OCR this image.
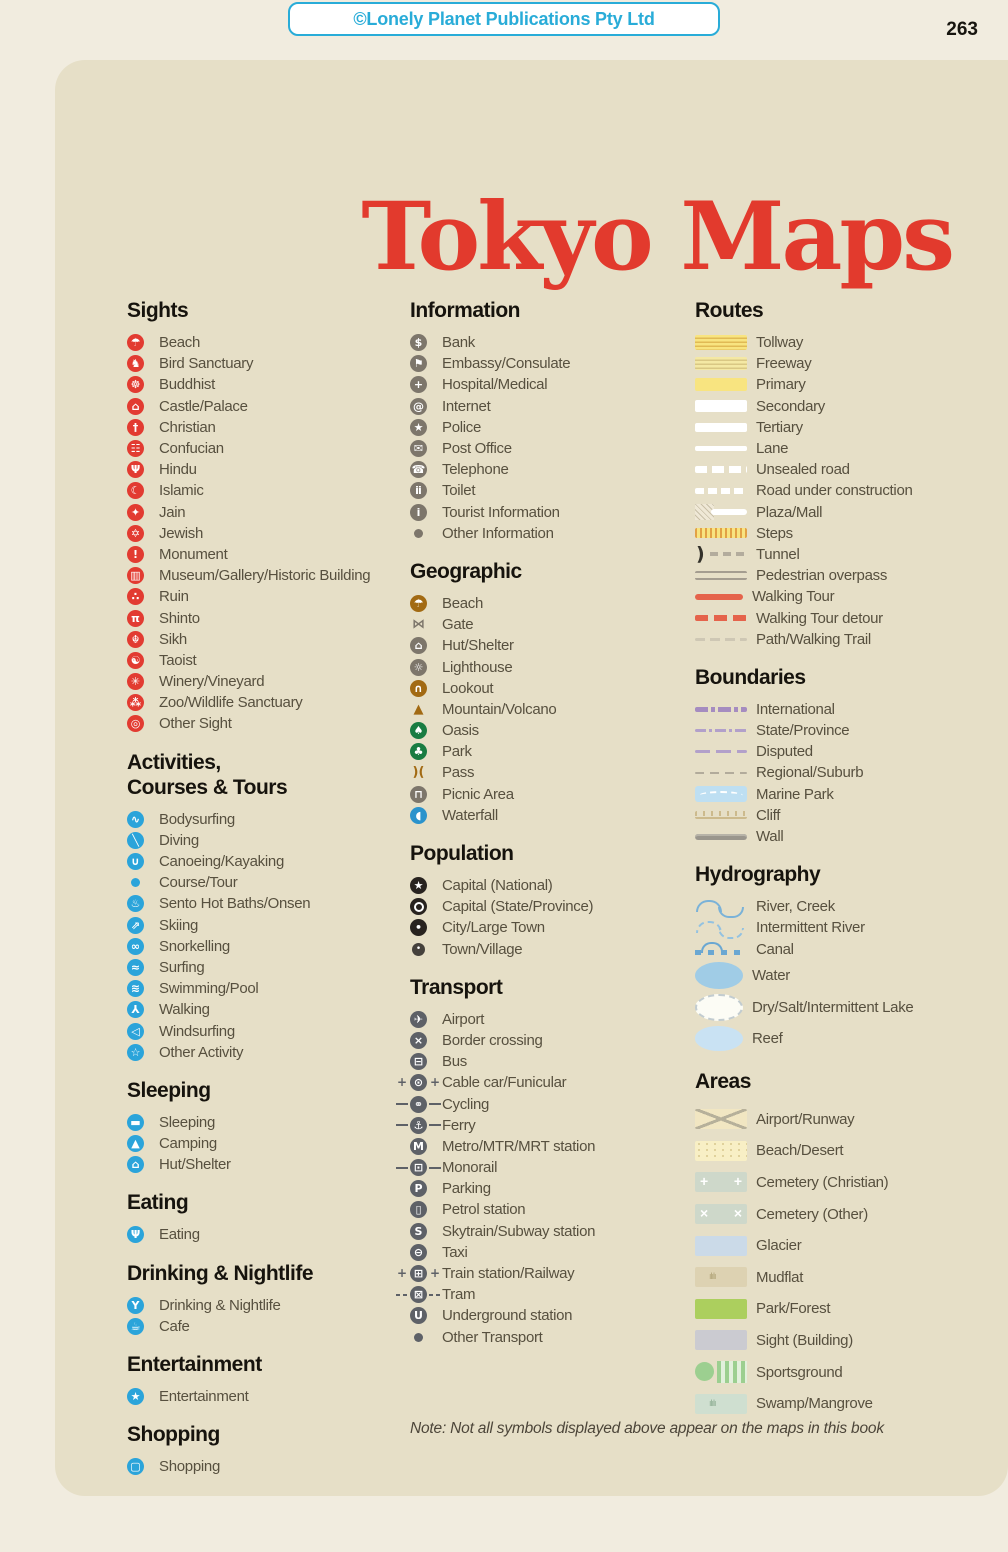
©Lonely Planet Publications Pty Ltd
263
Tokyo Maps
Sights
☂ Beach
♞ Bird Sanctuary
☸ Buddhist
⌂	Castle/Palace
†	Christian
☷ Confucian
Ψ Hindu
☾ Islamic
✦ Jain
✡ Jewish
!	Monument
▥ Museum/Gallery/Historic Building
∴	Ruin
π Shinto
☬	Sikh
☯ Taoist
✳ Winery/Vineyard
⁂ Zoo/Wildlife Sanctuary
◎ Other Sight
Activities,
Courses & Tours
∿ Bodysurfing
╲	Diving
∪ Canoeing/Kayaking
Course/Tour
♨ Sento Hot Baths/Onsen
⇗ Skiing
∞ Snorkelling
≈ Surfing
≋ Swimming/Pool
⅄ Walking
◁ Windsurfing
☆ Other Activity
Sleeping
▬ Sleeping
▲ Camping
⌂	Hut/Shelter
Eating
Ψ Eating
Drinking & Nightlife
Y	Drinking & Nightlife
☕ Cafe
Entertainment
★ Entertainment
Shopping
▢ Shopping
Information
$	Bank
⚑ Embassy/Consulate
+ Hospital/Medical
@ Internet
★ Police
✉ Post Office
☎ Telephone
ⅱ	Toilet
i	Tourist Information
Other Information
Geographic
☂ Beach
⋈ Gate
⌂	Hut/Shelter
☼ Lighthouse
∩ Lookout
▲ Mountain/Volcano
♠ Oasis
♣ Park
)( Pass
⊓ Picnic Area
◖	Waterfall
Population
★ Capital (National)
Capital (State/Province)
•	City/Large Town
• Town/Village
Transport
✈ Airport
× Border crossing
⊟ Bus
+ ⊙ + Cable car/Funicular
⚭ Cycling
⚓ Ferry
M Metro/MTR/MRT station
⊡ Monorail
P Parking
▯	Petrol station
S	Skytrain/Subway station
⊖ Taxi
+ ⊞ + Train station/Railway
⊠ Tram
U Underground station
Other Transport
Routes
Tollway
Freeway
Primary
Secondary
Tertiary
Lane
Unsealed road
Road under construction
Plaza/Mall
Steps
)
Tunnel
Pedestrian overpass
Walking Tour
Walking Tour detour
Path/Walking Trail
Boundaries
International
State/Province
Disputed
Regional/Suburb
Marine Park
Cliff
Wall
Hydrography
River, Creek
Intermittent River
Canal
Water
Dry/Salt/Intermittent Lake
Reef
Areas
Airport/Runway
Beach/Desert
+ +
Cemetery (Christian)
× ×
Cemetery (Other)
Glacier
ılılı
Mudflat
Park/Forest
Sight (Building)
Sportsground
ılılı
Swamp/Mangrove
Note: Not all symbols displayed above appear on the maps in this book
